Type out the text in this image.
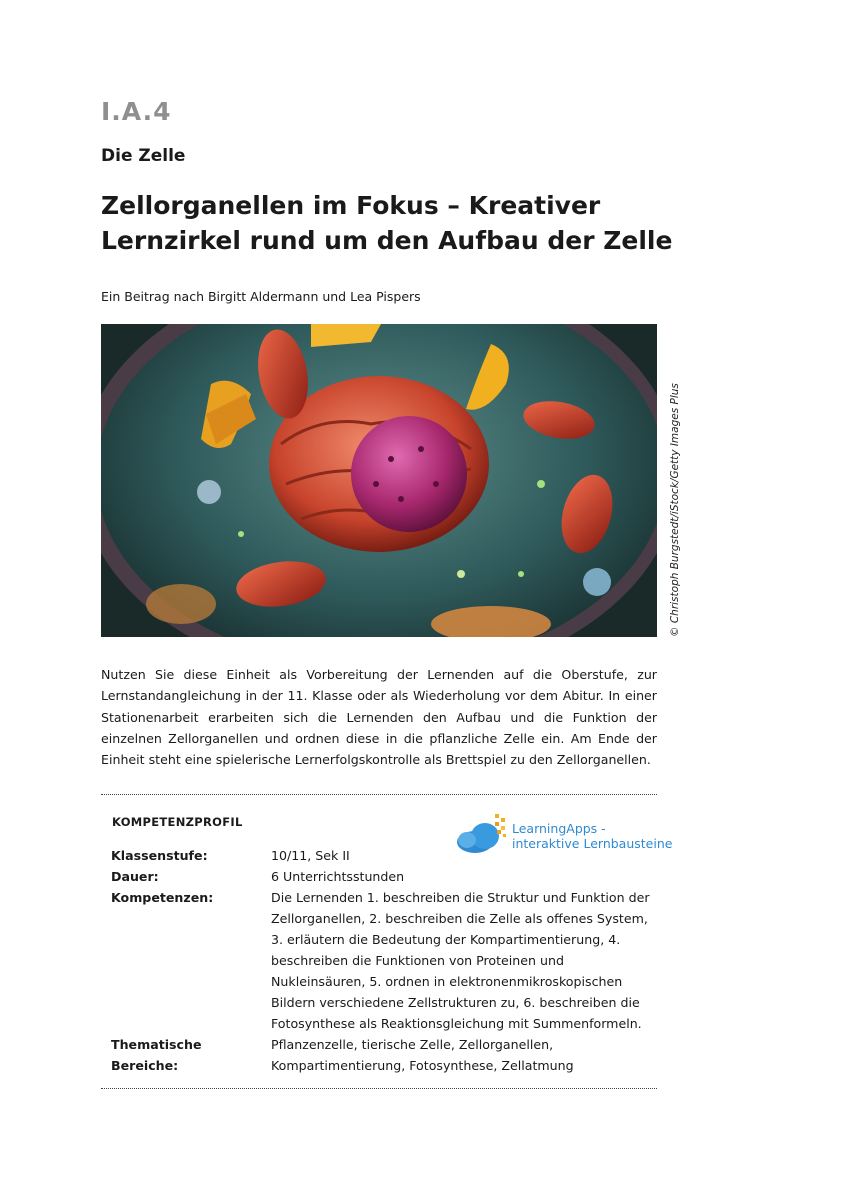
I.A.4
Die Zelle
Zellorganellen im Fokus – Kreativer Lernzirkel rund um den Aufbau der Zelle
Ein Beitrag nach Birgitt Aldermann und Lea Pispers
© Christoph Burgstedt/iStock/Getty Images Plus
Nutzen Sie diese Einheit als Vorbereitung der Lernenden auf die Oberstufe, zur Lernstandangleichung in der 11. Klasse oder als Wiederholung vor dem Abitur. In einer Stationenarbeit erarbeiten sich die Lernenden den Aufbau und die Funktion der einzelnen Zellorganellen und ordnen diese in die pflanzliche Zelle ein. Am Ende der Einheit steht eine spielerische Lernerfolgskontrolle als Brettspiel zu den Zellorganellen.
KOMPETENZPROFIL	LearningApps -
interaktive Lernbausteine
Klassenstufe:	10/11, Sek II
Dauer:	6 Unterrichtsstunden
Kompetenzen:	Die Lernenden 1. beschreiben die Struktur und Funktion der Zellorganellen, 2. beschreiben die Zelle als offenes System, 3. erläutern die Bedeutung der Kompartimentierung, 4. beschreiben die Funktionen von Proteinen und Nukleinsäuren, 5. ordnen in elektronenmikroskopischen Bildern verschiedene Zellstrukturen zu, 6. beschreiben die Fotosynthese als Reaktionsgleichung mit Summenformeln.
Thematische Bereiche:
Pflanzenzelle, tierische Zelle, Zellorganellen, Kompartimentierung, Fotosynthese, Zellatmung
